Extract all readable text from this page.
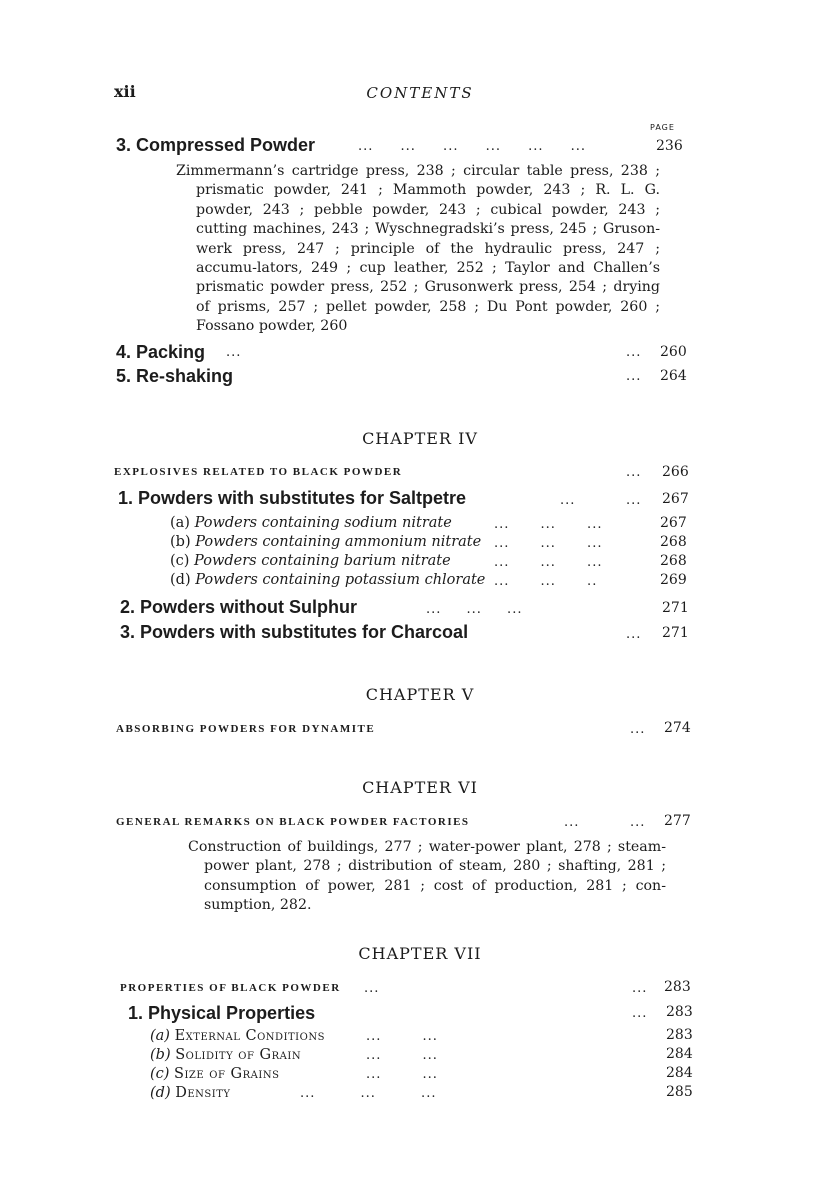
xii	CONTENTS
PAGE
3. Compressed Powder	... ... ... ... ... ...	236
Zimmermann’s cartridge press, 238 ; circular table press, 238 ; prismatic powder, 241 ; Mammoth powder, 243 ; R. L. G. powder, 243 ; pebble powder, 243 ; cubical powder, 243 ; cutting machines, 243 ; Wyschnegradski’s press, 245 ; Gruson-werk press, 247 ; principle of the hydraulic press, 247 ; accumu-lators, 249 ; cup leather, 252 ; Taylor and Challen’s prismatic powder press, 252 ; Grusonwerk press, 254 ; drying of prisms, 257 ; pellet powder, 258 ; Du Pont powder, 260 ; Fossano powder, 260
4. Packing ...	... 260
5. Re-shaking	... 264
CHAPTER IV
EXPLOSIVES RELATED TO BLACK POWDER	... 266
1. Powders with substitutes for Saltpetre	...	... 267
(a) Powders containing sodium nitrate	... ... ...	267
(b) Powders containing ammonium nitrate ... ... ...	268
(c) Powders containing barium nitrate	... ... ...	268
(d) Powders containing potassium chlorate ... ... ..	269
2. Powders without Sulphur	... ... ...	271
3. Powders with substitutes for Charcoal	... 271
CHAPTER V
ABSORBING POWDERS FOR DYNAMITE	... 274
CHAPTER VI
GENERAL REMARKS ON BLACK POWDER FACTORIES	...	... 277
Construction of buildings, 277 ; water-power plant, 278 ; steam-power plant, 278 ; distribution of steam, 280 ; shafting, 281 ; consumption of power, 281 ; cost of production, 281 ; con-sumption, 282.
CHAPTER VII
PROPERTIES OF BLACK POWDER ...	... 283
1. Physical Properties	... 283
(a) External Conditions	... ...	283
(b) Solidity of Grain	... ...	284
(c) Size of Grains	... ...	284
(d) Density	... ... ...	285
